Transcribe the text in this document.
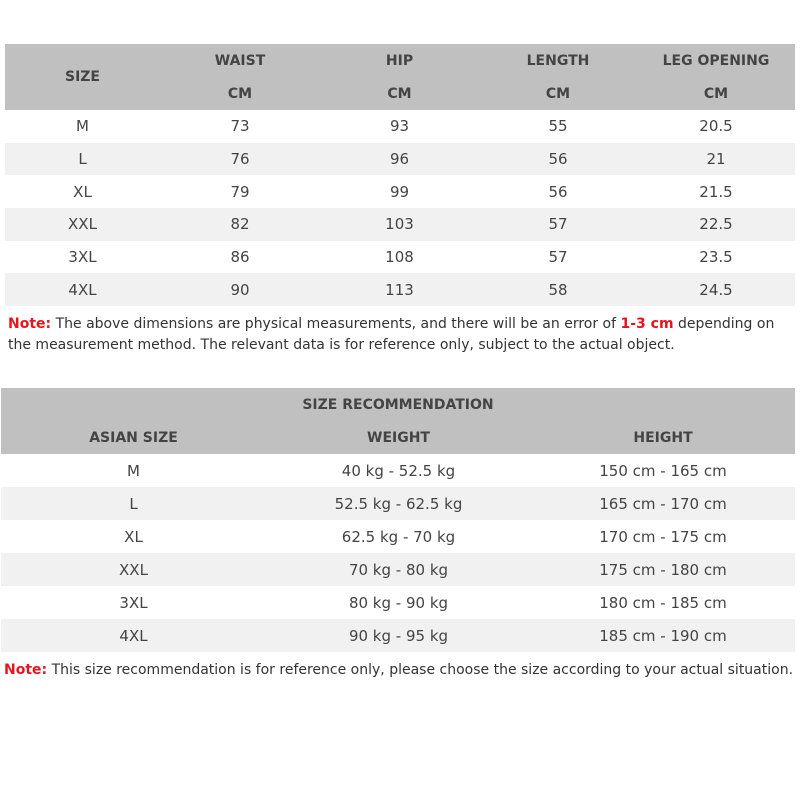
SIZE	WAIST	HIP	LENGTH	LEG OPENING
	CM	CM	CM	CM
M	73	93	55	20.5
L	76	96	56	21
XL	79	99	56	21.5
XXL	82	103	57	22.5
3XL	86	108	57	23.5
4XL	90	113	58	24.5
Note: The above dimensions are physical measurements, and there will be an error of 1-3 cm depending on the measurement method. The relevant data is for reference only, subject to the actual object.
SIZE RECOMMENDATION		
ASIAN SIZE	WEIGHT	HEIGHT
M	40 kg - 52.5 kg	150 cm - 165 cm
L	52.5 kg - 62.5 kg	165 cm - 170 cm
XL	62.5 kg - 70 kg	170 cm - 175 cm
XXL	70 kg - 80 kg	175 cm - 180 cm
3XL	80 kg - 90 kg	180 cm - 185 cm
4XL	90 kg - 95 kg	185 cm - 190 cm
Note: This size recommendation is for reference only, please choose the size according to your actual situation.
